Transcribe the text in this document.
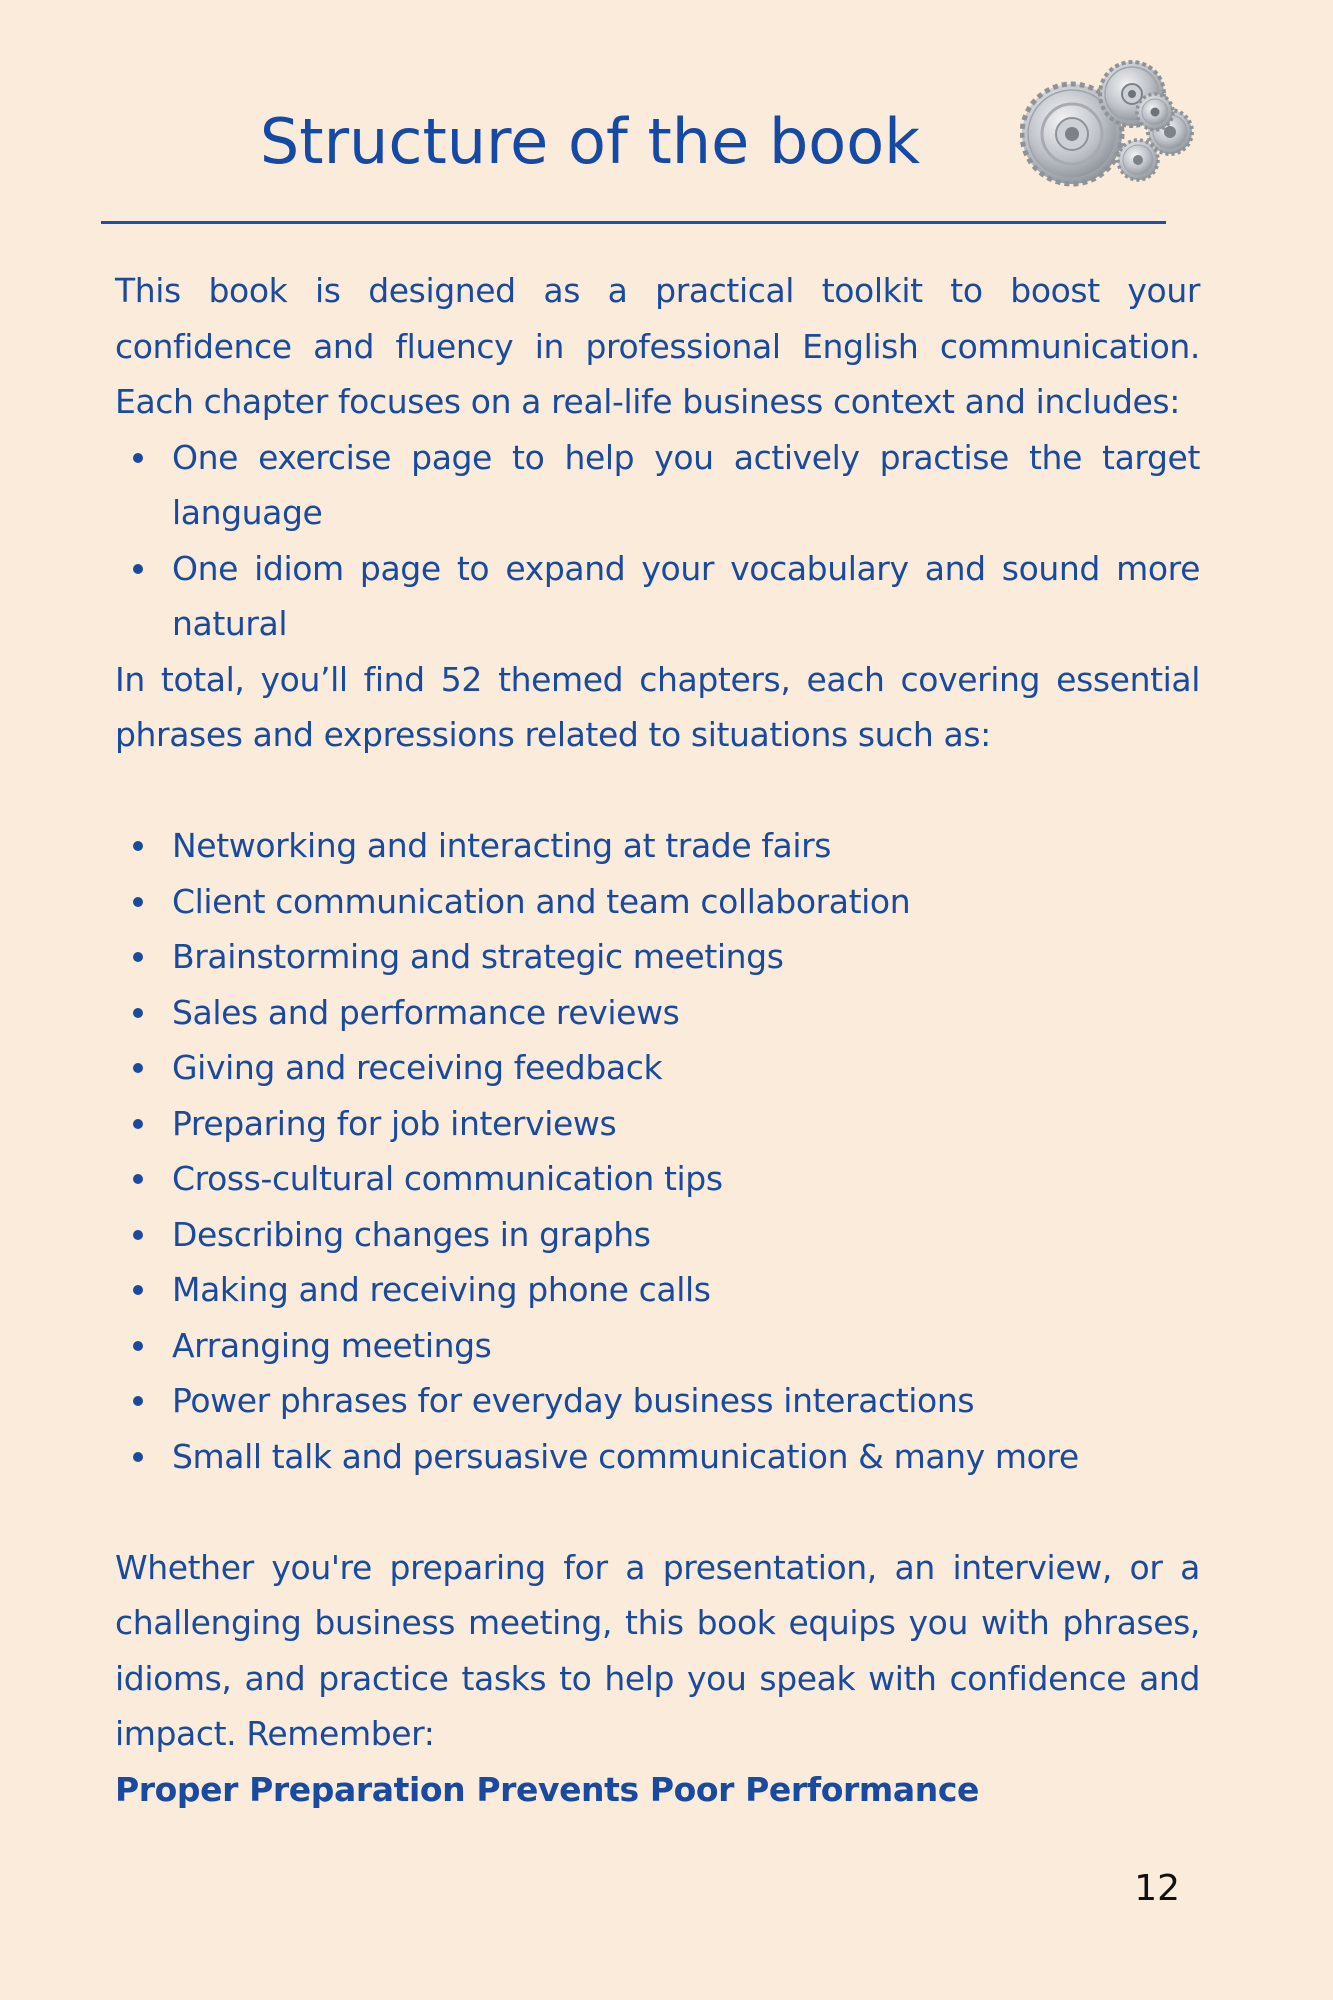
Structure of the book

This book is designed as a practical toolkit to boost your confidence and fluency in professional English communication. Each chapter focuses on a real-life business context and includes:

One exercise page to help you actively practise the target language
One idiom page to expand your vocabulary and sound more natural

In total, you’ll find 52 themed chapters, each covering essential phrases and expressions related to situations such as:

Networking and interacting at trade fairs
Client communication and team collaboration
Brainstorming and strategic meetings
Sales and performance reviews
Giving and receiving feedback
Preparing for job interviews
Cross-cultural communication tips
Describing changes in graphs
Making and receiving phone calls
Arranging meetings
Power phrases for everyday business interactions
Small talk and persuasive communication & many more

Whether you're preparing for a presentation, an interview, or a challenging business meeting, this book equips you with phrases, idioms, and practice tasks to help you speak with confidence and impact. Remember:

Proper Preparation Prevents Poor Performance

12
